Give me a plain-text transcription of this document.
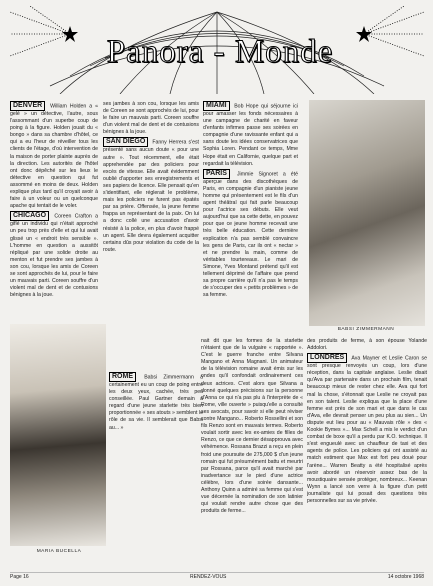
Panora - Monde

DENVER William Holden a « gelé » un détective, l'autre, sous l'assommant d'un superbe coup de poing à la figure. Holden jouait du « bongo » dans sa chambre d'hôtel, ce qui a eu l'heur de réveiller tous les clients de l'étage, d'où intervention de la maison de porter plainte auprès de la direction. Les autorités de l'hôtel ont donc dépêché sur les lieux le détective en question qui fut assommé en moins de deux. Holden explique plus tard qu'il croyait avoir à faire à un voleur ou un quelconque apache qui tentait de le voler.

CHICAGO Coreen Crafton a giflé un individu qui n'était approché un peu trop près d'elle et qui lui avait glissé un « endroit très sensible ». L'homme en question a aussitôt répliqué par une solide droite au menton et fut prendre ses jambes à son cou, lorsque les amis de Coreen se sont approchés de lui, pour le faire un mauvais parti. Coreen souffre d'un violent mal de dent et de contusions bénignes à la joue.

ses jambes à son cou, lorsque les amis de Coreen se sont approchés de lui, pour le faire un mauvais parti. Coreen souffre d'un violent mal de dent et de contusions bénignes à la joue.

SAN DIEGO Fanny Herrera s'est présenté sans aucun doute « pour une autre ». Tout récemment, elle était apprehendée par des policiers pour excès de vitesse. Elle avait évidemment oublié d'apporter ses enregistrements et ses papiers de licence. Elle pensait qu'en s'identifiant, elle réglerait le problème, mais les policiers ne furent pas épatés par sa prière. Offensée, la jeune femme frappa un représentant de la paix. On lui a donc collé une accusation d'avoir résisté à la police, en plus d'avoir frappé un agent. Elle devra également acquitter certains dûs pour violation du code de la route.

MIAMI Bob Hope qui séjourne ici pour amasser les fonds nécessaires à une campagne de charité en faveur d'enfants infirmes passe ses soirées en compagnie d'une ravissante enfant qui a sans doute les idées conservatrices que Sophia Loren. Pendant ce temps, Mme Hope était en Californie, quelque part et regardait la télévision.

PARIS Jimmie Signoret a été aperçue dans des discothèques de Paris, en compagnie d'un pianiste jeune homme qui présentement est le fils d'un agent théâtral qui fait parle beaucoup pour l'actrice ses débuts. Elle veut aujourd'hui que sa cette dette, en pouvez pour que ce jeune homme recevait une très belle éducation. Cette dernière explication n'a pas semblé convaincre les gens de Paris, car ils ont « nectar » et ne prendre la main, comme de véritables tourtereaux. Le mari de Simone, Yves Montand prétend qu'il est tellement déprimé de l'affaire que prend sa propre carrière qu'il n'a pas le temps de s'occuper des « petits problèmes » de sa femme.

BABSI ZIMMERMANN
MARIA BUCELLA

ROME Babsi Zimmermann a certainement eu un coup de poing entre les deux yeux, cachée, très peu conseillée. Paul Gartner demain a regard d'une jeune starlette très bien proportionnée « ses atouts » semblent le rôle de sa vie. Il semblerait que Babsi au... »

nait dit que les formes de la starlette n'étaient que de la vulgaire « rapportée ». C'est le guerre franche entre Silvana Mangano et Anna Magnani. Un animateur de la télévision romaine avait émis sur les ondes qu'il confondait ordinairement ces deux actrices. C'est alors que Silvana a donné quelques précisions sur la personne d'Anna ce qui n'a pas plu à l'interprète de « Rome, ville ouverte » puisqu'elle a consulté ses avocats, pour savoir si elle peut réviser contre Mangano... Roberto Rossellini et son fils Renzo sont en mauvais termes. Roberto voulait sortir avec les ex-amies de filles de Renzo, ce que ce dernier désapprouva avec véhémence. Rossana Brazzi a reçu en plein froid une poursuite de 275,000 $ d'un jeune romain qui fut présumément battu et meurtri par Rossana, parce qu'il avait marché par inadvertance sur le pied d'une actrice célèbre, lors d'une soirée dansante... Anthony Quinn a admiré sa femme qui s'est vue décernée la nomination de son latinier qui voulait rendre autre chose que des produits de ferme...

des produits de ferme, à son épouse Yolande Addolori.

LONDRES Ava Mayner et Leslie Caron se sont presque renvoyés un coup, lors d'une réception, dans la capitale anglaise. Leslie disait qu'Ava par partenaire dans un prochain film, tenait beaucoup mieux de rester chez elle. Ava qui fort mal la chose, s'étonnait que Leslie ne croyait pas en son talent. Leslie expliqua que la place d'une femme est près de son mari et que dans le cas d'Ava, elle devrait penser un peu plus au sien... Un dispute eut lieu pour au « Mauvais rôle » des « Kookie Bymes »... Max Schell a mis le verdict d'un combat de boxe qu'il a perdu par K.O. technique. Il s'est engueulé avec un chauffeur de taxi et des agents de police. Les policiers qui ont assisté au match estiment que Max est fort peu doué pour l'arène... Warren Beatty a été hospitalisé après avoir abordé un réservoir assez bas de la moustiquaire sensée protéger, nombreux... Keenan Wynn a lancé son verre à la figure d'un petit journaliste qui lui posait des questions très personnelles sur sa vie privée.

Page 16	RENDEZ-VOUS	14 octobre 1968
